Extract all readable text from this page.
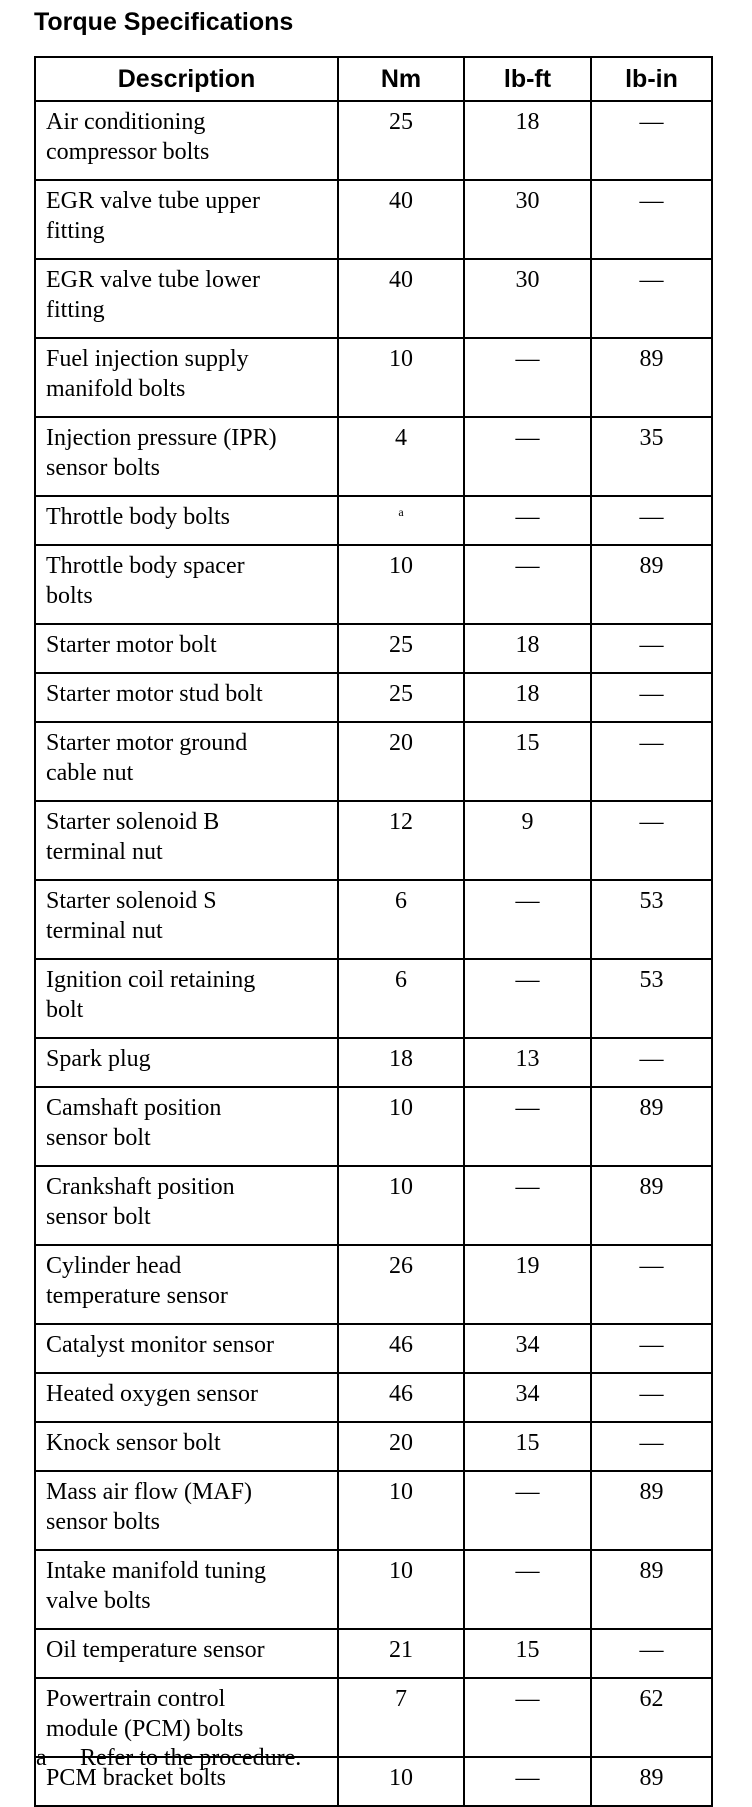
Torque Specifications
Description	Nm	lb-ft	lb-in

Air conditioning
compressor bolts	25	18	—

EGR valve tube upper
fitting	40	30	—

EGR valve tube lower
fitting	40	30	—

Fuel injection supply
manifold bolts	10	—	89

Injection pressure (IPR)
sensor bolts	4	—	35

Throttle body bolts	$^a$	—	—

Throttle body spacer
bolts	10	—	89

Starter motor bolt	25	18	—

Starter motor stud bolt	25	18	—

Starter motor ground
cable nut	20	15	—

Starter solenoid B
terminal nut	12	9	—

Starter solenoid S
terminal nut	6	—	53

Ignition coil retaining
bolt	6	—	53

Spark plug	18	13	—

Camshaft position
sensor bolt	10	—	89

Crankshaft position
sensor bolt	10	—	89

Cylinder head
temperature sensor	26	19	—

Catalyst monitor sensor	46	34	—

Heated oxygen sensor	46	34	—

Knock sensor bolt	20	15	—

Mass air flow (MAF)
sensor bolts	10	—	89

Intake manifold tuning
valve bolts	10	—	89

Oil temperature sensor	21	15	—

Powertrain control
module (PCM) bolts	7	—	62

PCM bracket bolts	10	—	89
a Refer to the procedure.
